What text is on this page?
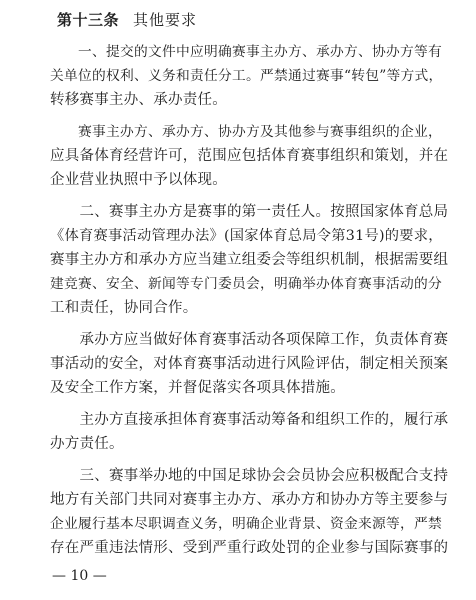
第十三条 其他要求
　　一、提交的文件中应明确赛事主办方、承办方、协办方等有
关单位的权利、义务和责任分工。严禁通过赛事“转包”等方式，
转移赛事主办、承办责任。
　　赛事主办方、承办方、协办方及其他参与赛事组织的企业，
应具备体育经营许可，范围应包括体育赛事组织和策划，并在
企业营业执照中予以体现。
　　二、赛事主办方是赛事的第一责任人。按照国家体育总局
《体育赛事活动管理办法》(国家体育总局令第31号)的要求，
赛事主办方和承办方应当建立组委会等组织机制，根据需要组
建竞赛、安全、新闻等专门委员会，明确举办体育赛事活动的分
工和责任，协同合作。
　　承办方应当做好体育赛事活动各项保障工作，负责体育赛
事活动的安全，对体育赛事活动进行风险评估，制定相关预案
及安全工作方案，并督促落实各项具体措施。
　　主办方直接承担体育赛事活动筹备和组织工作的，履行承
办方责任。
　　三、赛事举办地的中国足球协会会员协会应积极配合支持
地方有关部门共同对赛事主办方、承办方和协办方等主要参与
企业履行基本尽职调查义务，明确企业背景、资金来源等，严禁
存在严重违法情形、受到严重行政处罚的企业参与国际赛事的
— 10 —
